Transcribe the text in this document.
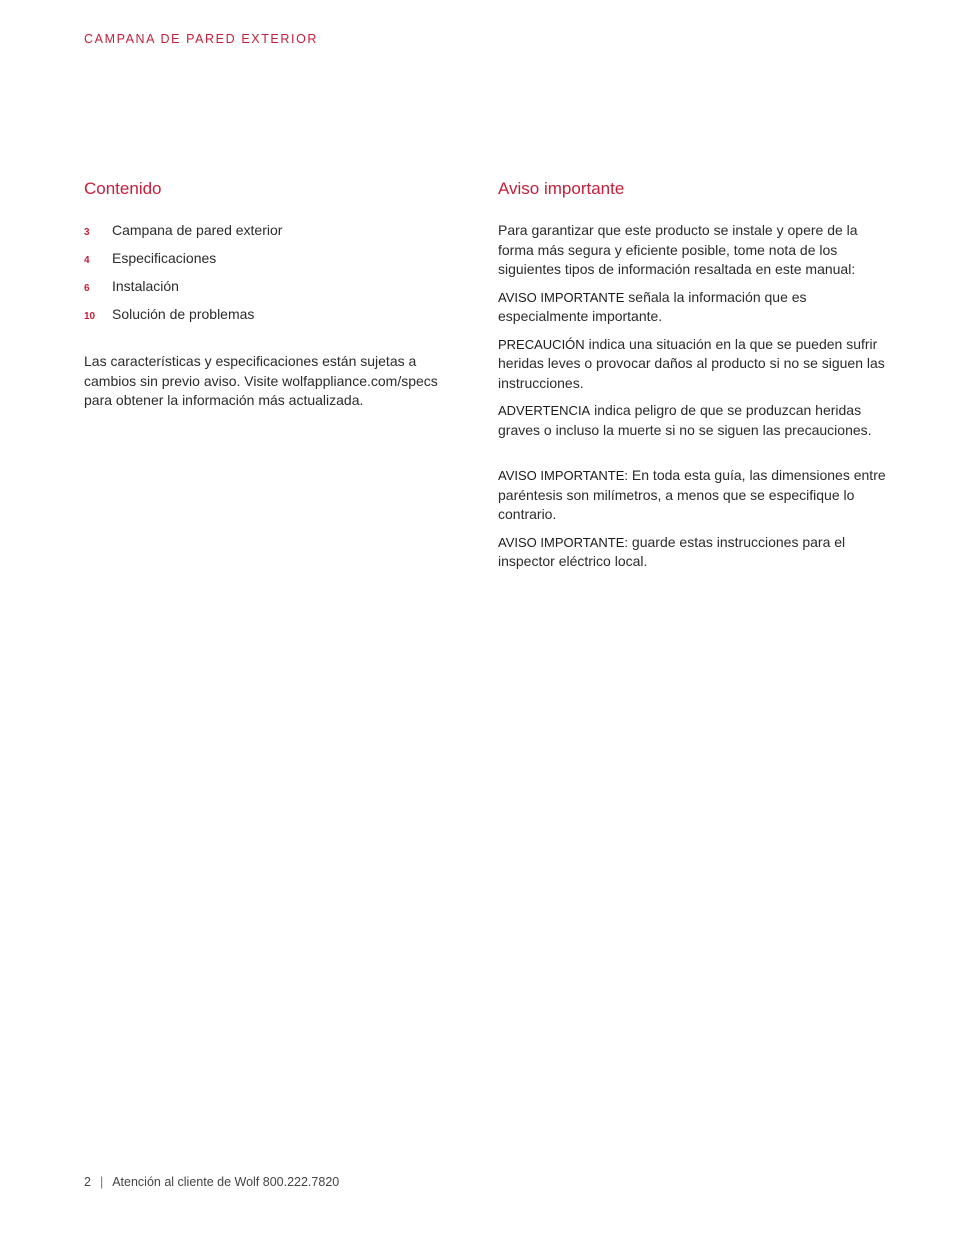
CAMPANA DE PARED EXTERIOR
Contenido
3	Campana de pared exterior
4	Especificaciones
6	Instalación
10	Solución de problemas

Las características y especificaciones están sujetas a cambios sin previo aviso. Visite wolfappliance.com/specs para obtener la información más actualizada.

Aviso importante

Para garantizar que este producto se instale y opere de la forma más segura y eficiente posible, tome nota de los siguientes tipos de información resaltada en este manual:

AVISO IMPORTANTE señala la información que es especialmente importante.

PRECAUCIÓN indica una situación en la que se pueden sufrir heridas leves o provocar daños al producto si no se siguen las instrucciones.

ADVERTENCIA indica peligro de que se produzcan heridas graves o incluso la muerte si no se siguen las precauciones.

AVISO IMPORTANTE: En toda esta guía, las dimensiones entre paréntesis son milímetros, a menos que se especifique lo contrario.

AVISO IMPORTANTE: guarde estas instrucciones para el inspector eléctrico local.

2 | Atención al cliente de Wolf 800.222.7820
